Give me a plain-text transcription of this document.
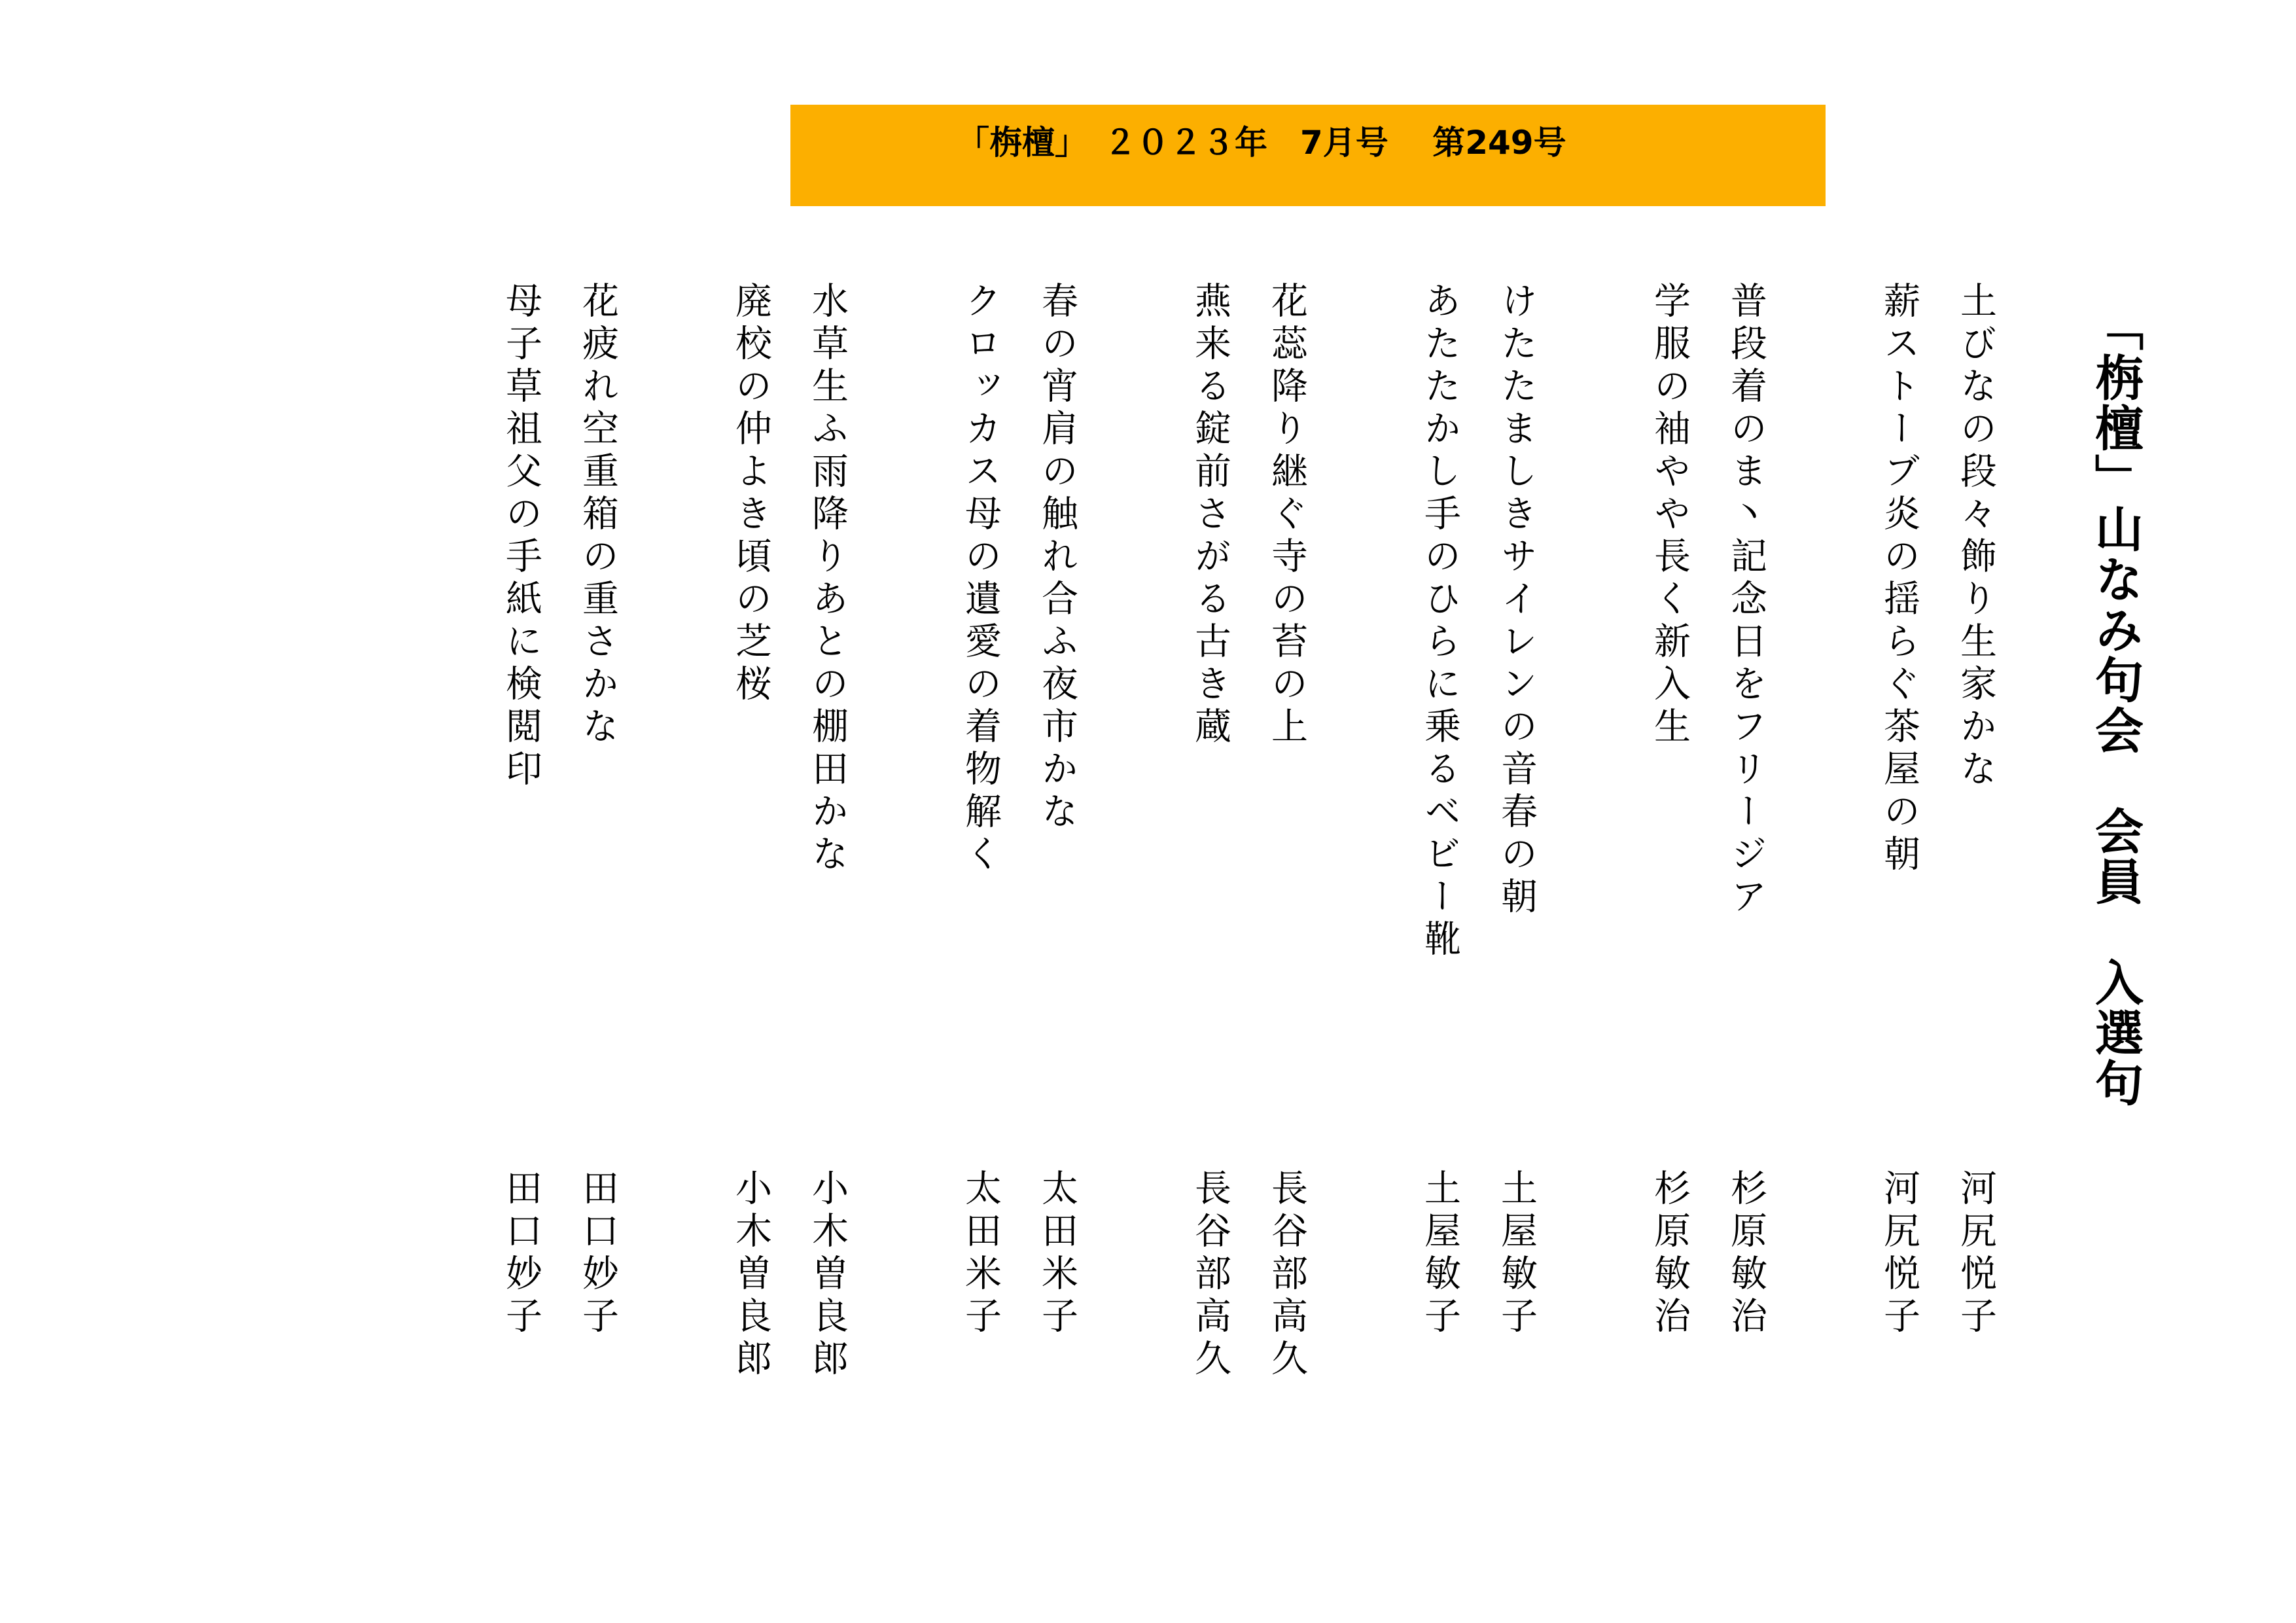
「栴檀」　２０２３年　7月号　 第249号
「栴檀」山なみ句会　会員　入選句
土びなの段々飾り生家かな
薪ストーブ炎の揺らぐ茶屋の朝
普段着のま丶記念日をフリージア
学服の袖やや長く新入生
けたたましきサイレンの音春の朝
あたたかし手のひらに乗るベビー靴
花蕊降り継ぐ寺の苔の上
燕来る錠前さがる古き蔵
春の宵肩の触れ合ふ夜市かな
クロッカス母の遺愛の着物解く
水草生ふ雨降りあとの棚田かな
廃校の仲よき頃の芝桜
花疲れ空重箱の重さかな
母子草祖父の手紙に検閲印
河尻悦子
河尻悦子
杉原敏治
杉原敏治
土屋敏子
土屋敏子
長谷部高久
長谷部高久
太田米子
太田米子
小木曽良郎
小木曽良郎
田口妙子
田口妙子
